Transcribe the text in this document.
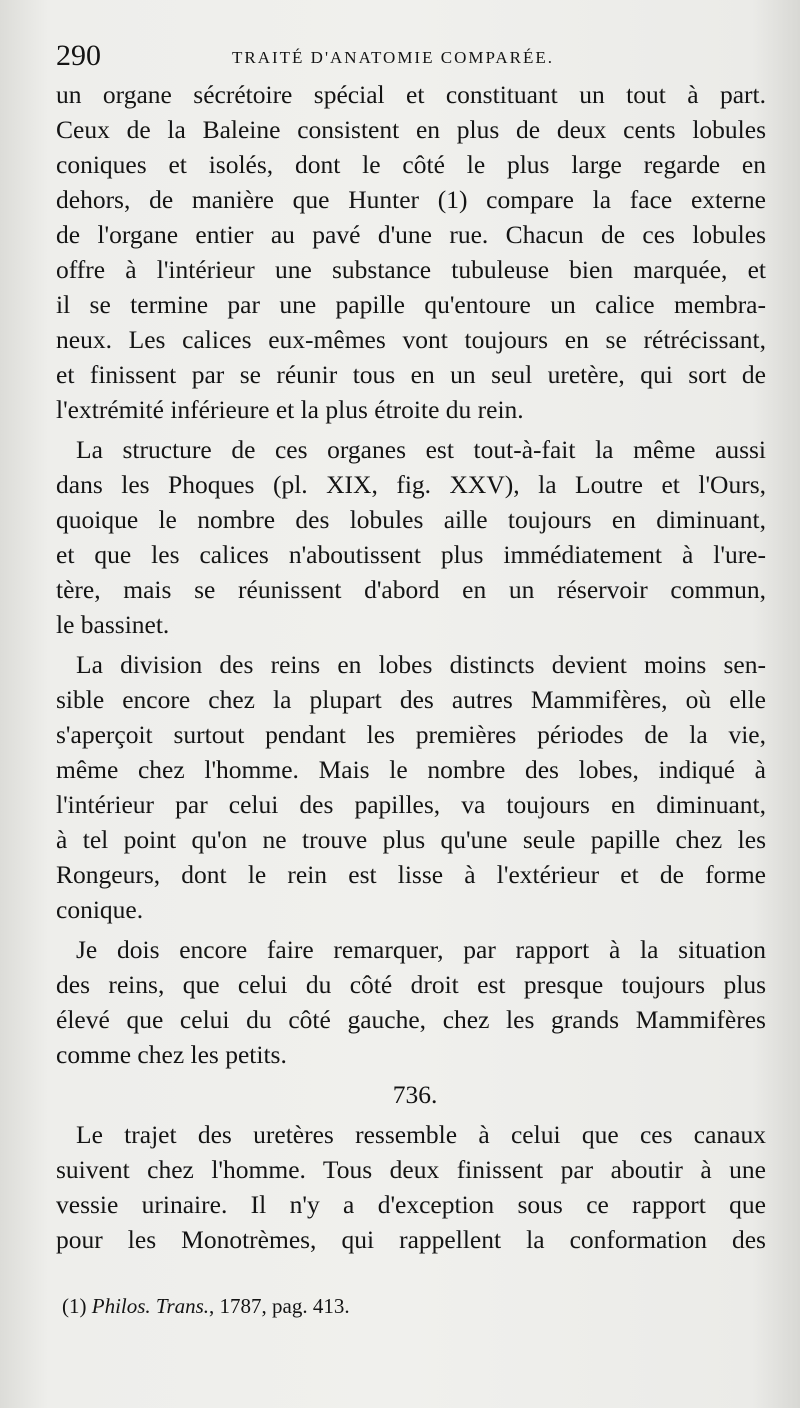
290	TRAITÉ D'ANATOMIE COMPARÉE.
un organe sécrétoire spécial et constituant un tout à part.
Ceux de la Baleine consistent en plus de deux cents lobules
coniques et isolés, dont le côté le plus large regarde en
dehors, de manière que Hunter (1) compare la face externe
de l'organe entier au pavé d'une rue. Chacun de ces lobules
offre à l'intérieur une substance tubuleuse bien marquée, et
il se termine par une papille qu'entoure un calice membra-
neux. Les calices eux-mêmes vont toujours en se rétrécissant,
et finissent par se réunir tous en un seul uretère, qui sort de
l'extrémité inférieure et la plus étroite du rein.
La structure de ces organes est tout-à-fait la même aussi
dans les Phoques (pl. XIX, fig. XXV), la Loutre et l'Ours,
quoique le nombre des lobules aille toujours en diminuant,
et que les calices n'aboutissent plus immédiatement à l'ure-
tère, mais se réunissent d'abord en un réservoir commun,
le bassinet.
La division des reins en lobes distincts devient moins sen-
sible encore chez la plupart des autres Mammifères, où elle
s'aperçoit surtout pendant les premières périodes de la vie,
même chez l'homme. Mais le nombre des lobes, indiqué à
l'intérieur par celui des papilles, va toujours en diminuant,
à tel point qu'on ne trouve plus qu'une seule papille chez les
Rongeurs, dont le rein est lisse à l'extérieur et de forme
conique.
Je dois encore faire remarquer, par rapport à la situation
des reins, que celui du côté droit est presque toujours plus
élevé que celui du côté gauche, chez les grands Mammifères
comme chez les petits.
736.
Le trajet des uretères ressemble à celui que ces canaux
suivent chez l'homme. Tous deux finissent par aboutir à une
vessie urinaire. Il n'y a d'exception sous ce rapport que
pour les Monotrèmes, qui rappellent la conformation des
(1) Philos. Trans., 1787, pag. 413.
